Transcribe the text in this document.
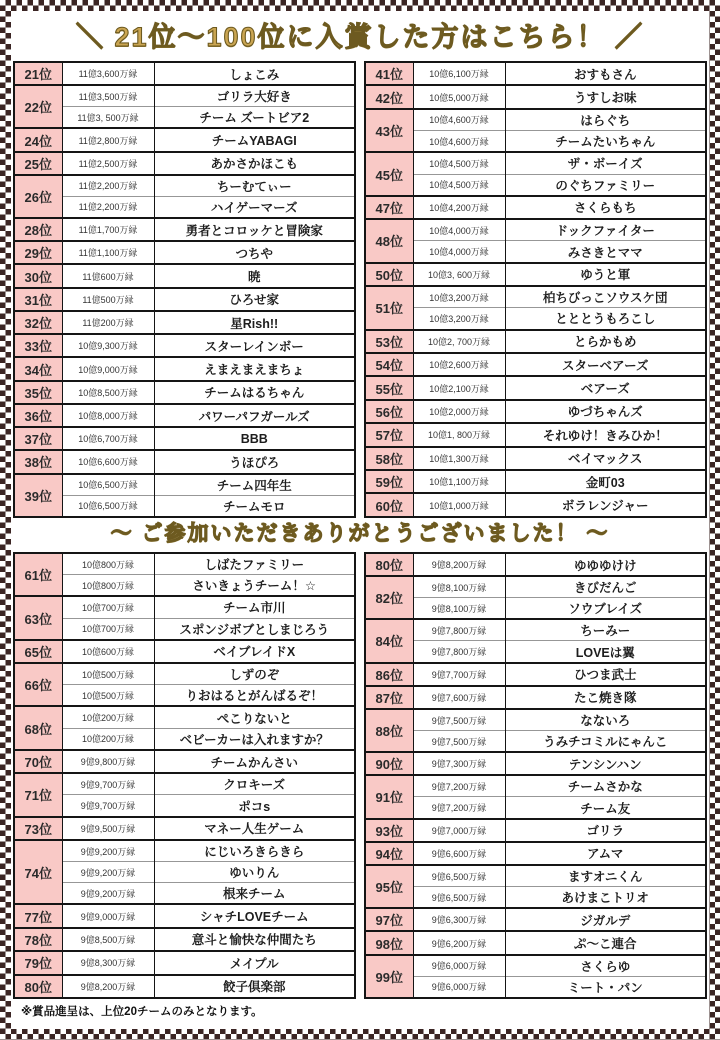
＼ 21位〜100位に入賞した方はこちら！ ／
21位	11億3,600万縁	しょこみ
22位	11億3,500万縁	ゴリラ大好き
	11億3, 500万縁	チーム ズートビア2
24位	11億2,800万縁	チームYABAGI
25位	11億2,500万縁	あかさかほこも
26位	11億2,200万縁	ちーむてぃー
	11億2,200万縁	ハイゲーマーズ
28位	11億1,700万縁	勇者とコロッケと冒険家
29位	11億1,100万縁	つちや
30位	11億600万縁	暁
31位	11億500万縁	ひろせ家
32位	11億200万縁	星Rish!!
33位	10億9,300万縁	スターレインボー
34位	10億9,000万縁	えまえまえまちょ
35位	10億8,500万縁	チームはるちゃん
36位	10億8,000万縁	パワーパフガールズ
37位	10億6,700万縁	BBB
38位	10億6,600万縁	うほぴろ
39位	10億6,500万縁	チーム四年生
	10億6,500万縁	チームモロ
41位	10億6,100万縁	おすもさん
42位	10億5,000万縁	うすしお味
43位	10億4,600万縁	はらぐち
	10億4,600万縁	チームたいちゃん
45位	10億4,500万縁	ザ・ボーイズ
	10億4,500万縁	のぐちファミリー
47位	10億4,200万縁	さくらもち
48位	10億4,000万縁	ドックファイター
	10億4,000万縁	みさきとママ
50位	10億3, 600万縁	ゆうと軍
51位	10億3,200万縁	柏ちびっこソウスケ団
	10億3,200万縁	とととうもろこし
53位	10億2, 700万縁	とらかもめ
54位	10億2,600万縁	スターベアーズ
55位	10億2,100万縁	ベアーズ
56位	10億2,000万縁	ゆづちゃんズ
57位	10億1, 800万縁	それゆけ！きみひか！
58位	10億1,300万縁	ベイマックス
59位	10億1,100万縁	金町03
60位	10億1,000万縁	ボラレンジャー
〜 ご参加いただきありがとうございました！ 〜
61位	10億800万縁	しばたファミリー
	10億800万縁	さいきょうチーム！☆
63位	10億700万縁	チーム市川
	10億700万縁	スポンジボブとしまじろう
65位	10億600万縁	ベイブレイドX
66位	10億500万縁	しずのぞ
	10億500万縁	りおはるとがんばるぞ！
68位	10億200万縁	ぺこりないと
	10億200万縁	ベビーカーは入れますか？
70位	9億9,800万縁	チームかんさい
71位	9億9,700万縁	クロキーズ
	9億9,700万縁	ポコs
73位	9億9,500万縁	マネー人生ゲーム
74位	9億9,200万縁	にじいろきらきら
	9億9,200万縁	ゆいりん
	9億9,200万縁	根来チーム
77位	9億9,000万縁	シャチLOVEチーム
78位	9億8,500万縁	意斗と愉快な仲間たち
79位	9億8,300万縁	メイプル
80位	9億8,200万縁	餃子倶楽部
80位	9億8,200万縁	ゆゆゆけけ
82位	9億8,100万縁	きびだんご
	9億8,100万縁	ソウブレイズ
84位	9億7,800万縁	ちーみー
	9億7,800万縁	LOVEは翼
86位	9億7,700万縁	ひつま武士
87位	9億7,600万縁	たこ焼き隊
88位	9億7,500万縁	なないろ
	9億7,500万縁	うみチコミルにゃんこ
90位	9億7,300万縁	テンシンハン
91位	9億7,200万縁	チームさかな
	9億7,200万縁	チーム友
93位	9億7,000万縁	ゴリラ
94位	9億6,600万縁	アムマ
95位	9億6,500万縁	ますオニくん
	9億6,500万縁	あけまこトリオ
97位	9億6,300万縁	ジガルデ
98位	9億6,200万縁	ぷ〜こ連合
99位	9億6,000万縁	さくらゆ
	9億6,000万縁	ミート・パン

※賞品進呈は、上位20チームのみとなります。
